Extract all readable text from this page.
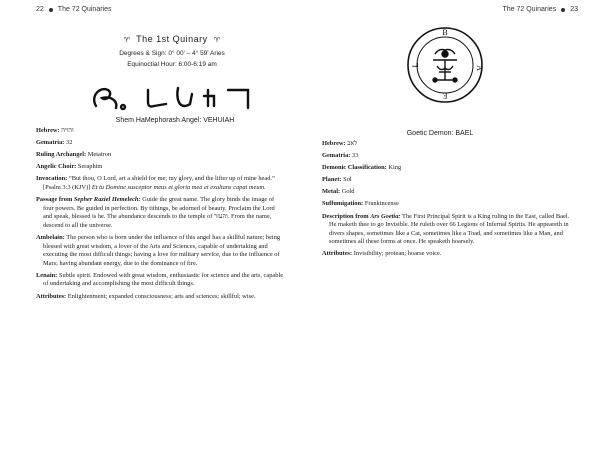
22 The 72 Quinaries
♈ The 1st Quinary ♈
Degrees & Sign: 0° 00' – 4° 59' Aries
Equinoctial Hour: 6:00-6:19 am
Shem HaMephorash Angel: VEHUIAH
Hebrew: והויה
Gematria: 32
Ruling Archangel: Metatron
Angelic Choir: Seraphim
Invocation: “But thou, O Lord, art a shield for me; my glory, and the lifter up of mine head.” [Psalm 3:3 (KJV)] Et tu Domine susceptor meus et gloria mea et exaltans capat meum.
Passage from Sepher Raziel Hemelech: Guide the great name. The glory binds the image of four powers. Be guided in perfection. By tithings, be adorned of beauty. Proclaim the Lord and speak, blessed is he. The abundance descends to the temple of והעזר. From the name, descend to all the universe.
Ambelain: The person who is born under the influence of this angel has a skillful nature; being blessed with great wisdom, a lover of the Arts and Sciences, capable of undertaking and executing the most difficult things; having a love for military service, due to the influence of Mars; having abundant energy, due to the dominance of fire.
Lenain: Subtle spirit. Endowed with great wisdom, enthusiastic for science and the arts, capable of undertaking and accomplishing the most difficult things.
Attributes: Enlightenment; expanded consciousness; arts and sciences; skillful; wise.
The 72 Quinaries 23
B
A
E
L
Goetic Demon: BAEL
Hebrew: לאב
Gematria: 33
Demonic Classification: King
Planet: Sol
Metal: Gold
Suffumigation: Frankincense
Description from Ars Goetia: The First Principal Spirit is a King ruling in the East, called Bael. He maketh thee to go Invisible. He ruleth over 66 Legions of Infernal Spirits. He appeareth in divers shapes, sometimes like a Cat, sometimes like a Toad, and sometimes like a Man, and sometimes all these forms at once. He speaketh hoarsely.
Attributes: Invisibility; protean; hoarse voice.
